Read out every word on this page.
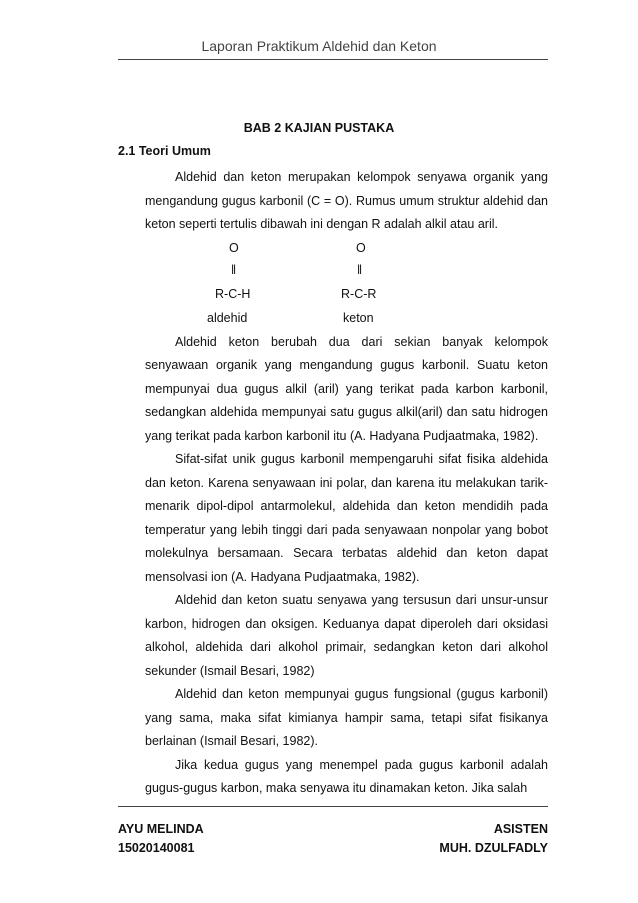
Laporan Praktikum Aldehid dan Keton
BAB 2 KAJIAN PUSTAKA
2.1 Teori Umum

Aldehid dan keton merupakan kelompok senyawa organik yang mengandung gugus karbonil (C = O). Rumus umum struktur aldehid dan keton seperti tertulis dibawah ini dengan R adalah alkil atau aril.

O
‖
R-C-H
aldehid
O
‖
R-C-R
keton

Aldehid keton berubah dua dari sekian banyak kelompok senyawaan organik yang mengandung gugus karbonil. Suatu keton mempunyai dua gugus alkil (aril) yang terikat pada karbon karbonil, sedangkan aldehida mempunyai satu gugus alkil(aril) dan satu hidrogen yang terikat pada karbon karbonil itu (A. Hadyana Pudjaatmaka, 1982).

Sifat-sifat unik gugus karbonil mempengaruhi sifat fisika aldehida dan keton. Karena senyawaan ini polar, dan karena itu melakukan tarik-menarik dipol-dipol antarmolekul, aldehida dan keton mendidih pada temperatur yang lebih tinggi dari pada senyawaan nonpolar yang bobot molekulnya bersamaan. Secara terbatas aldehid dan keton dapat mensolvasi ion (A. Hadyana Pudjaatmaka, 1982).

Aldehid dan keton suatu senyawa yang tersusun dari unsur-unsur karbon, hidrogen dan oksigen. Keduanya dapat diperoleh dari oksidasi alkohol, aldehida dari alkohol primair, sedangkan keton dari alkohol sekunder (Ismail Besari, 1982)

Aldehid dan keton mempunyai gugus fungsional (gugus karbonil) yang sama, maka sifat kimianya hampir sama, tetapi sifat fisikanya berlainan (Ismail Besari, 1982).

Jika kedua gugus yang menempel pada gugus karbonil adalah gugus-gugus karbon, maka senyawa itu dinamakan keton. Jika salah

AYU MELINDA
15020140081
ASISTEN
MUH. DZULFADLY
